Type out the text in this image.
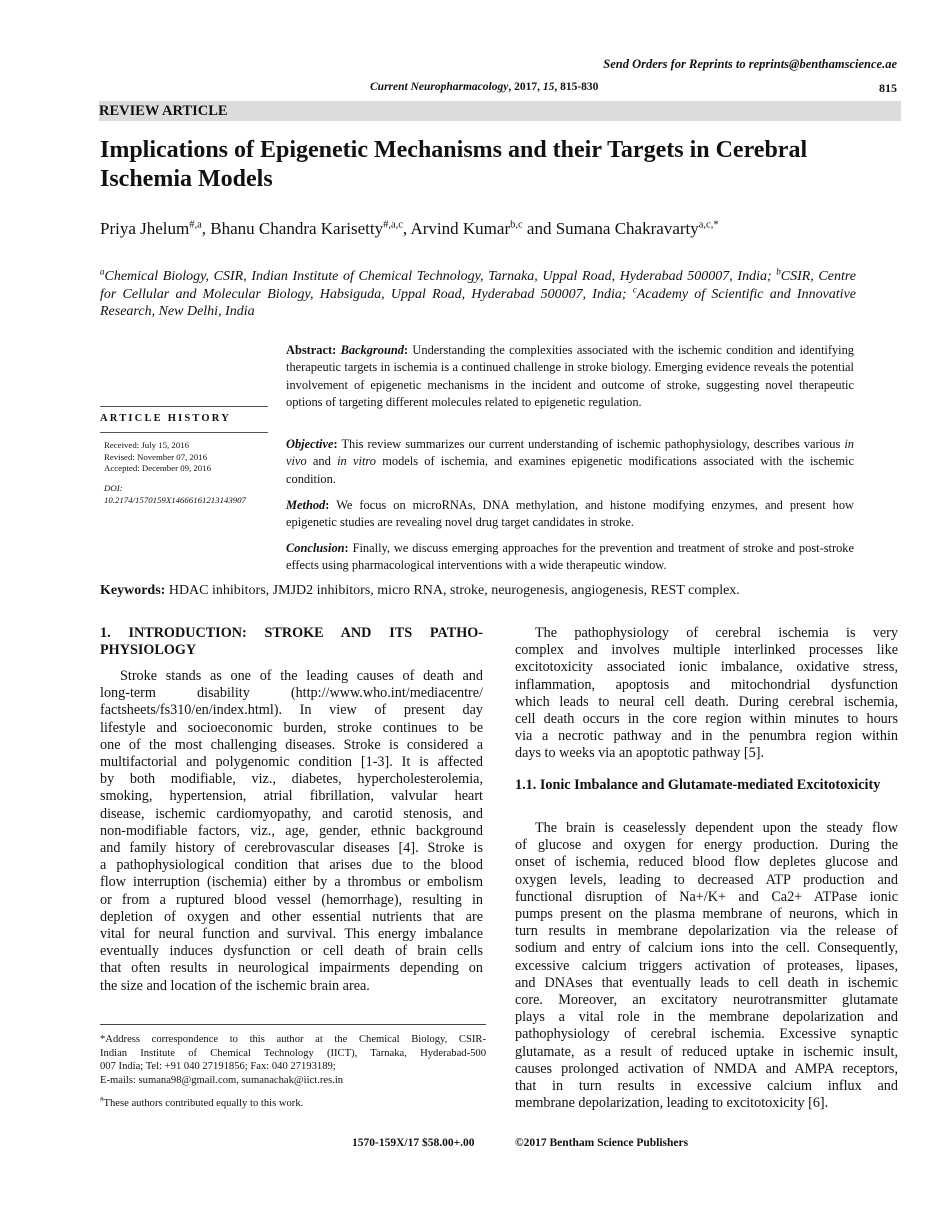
Send Orders for Reprints to reprints@benthamscience.ae
Current Neuropharmacology, 2017, 15, 815-830	815
REVIEW ARTICLE
Implications of Epigenetic Mechanisms and their Targets in Cerebral Ischemia Models
Priya Jhelum$^{\#,a}$, Bhanu Chandra Karisetty$^{\#,a,c}$, Arvind Kumar$^{b,c}$ and Sumana Chakravarty$^{a,c,*}$
$^a$Chemical Biology, CSIR, Indian Institute of Chemical Technology, Tarnaka, Uppal Road, Hyderabad 500007, India; $^b$CSIR, Centre for Cellular and Molecular Biology, Habsiguda, Uppal Road, Hyderabad 500007, India; $^c$Academy of Scientific and Innovative Research, New Delhi, India
ARTICLE HISTORY
Received: July 15, 2016
Revised: November 07, 2016
Accepted: December 09, 2016
DOI:
10.2174/1570159X14666161213143907
Abstract: Background: Understanding the complexities associated with the ischemic condition and identifying therapeutic targets in ischemia is a continued challenge in stroke biology. Emerging evidence reveals the potential involvement of epigenetic mechanisms in the incident and outcome of stroke, suggesting novel therapeutic options of targeting different molecules related to epigenetic regulation.
Objective: This review summarizes our current understanding of ischemic pathophysiology, describes various in vivo and in vitro models of ischemia, and examines epigenetic modifications associated with the ischemic condition.
Method: We focus on microRNAs, DNA methylation, and histone modifying enzymes, and present how epigenetic studies are revealing novel drug target candidates in stroke.
Conclusion: Finally, we discuss emerging approaches for the prevention and treatment of stroke and post-stroke effects using pharmacological interventions with a wide therapeutic window.
Keywords: HDAC inhibitors, JMJD2 inhibitors, micro RNA, stroke, neurogenesis, angiogenesis, REST complex.
1. INTRODUCTION: STROKE AND ITS PATHO-PHYSIOLOGY
Stroke stands as one of the leading causes of death and
long-term disability (http://www.who.int/mediacentre/
factsheets/fs310/en/index.html). In view of present day
lifestyle and socioeconomic burden, stroke continues to be
one of the most challenging diseases. Stroke is considered a
multifactorial and polygenomic condition [1-3]. It is affected
by both modifiable, viz., diabetes, hypercholesterolemia,
smoking, hypertension, atrial fibrillation, valvular heart
disease, ischemic cardiomyopathy, and carotid stenosis, and
non-modifiable factors, viz., age, gender, ethnic background
and family history of cerebrovascular diseases [4]. Stroke is
a pathophysiological condition that arises due to the blood
flow interruption (ischemia) either by a thrombus or embolism
or from a ruptured blood vessel (hemorrhage), resulting in
depletion of oxygen and other essential nutrients that are
vital for neural function and survival. This energy imbalance
eventually induces dysfunction or cell death of brain cells
that often results in neurological impairments depending on
the size and location of the ischemic brain area.
*Address correspondence to this author at the Chemical Biology, CSIR-
Indian Institute of Chemical Technology (IICT), Tarnaka, Hyderabad-500
007 India; Tel: +91 040 27191856; Fax: 040 27193189;
E-mails: sumana98@gmail.com, sumanachak@iict.res.in
#These authors contributed equally to this work.
The pathophysiology of cerebral ischemia is very
complex and involves multiple interlinked processes like
excitotoxicity associated ionic imbalance, oxidative stress,
inflammation, apoptosis and mitochondrial dysfunction
which leads to neural cell death. During cerebral ischemia,
cell death occurs in the core region within minutes to hours
via a necrotic pathway and in the penumbra region within
days to weeks via an apoptotic pathway [5].
1.1. Ionic Imbalance and Glutamate-mediated Excitotoxicity
The brain is ceaselessly dependent upon the steady flow
of glucose and oxygen for energy production. During the
onset of ischemia, reduced blood flow depletes glucose and
oxygen levels, leading to decreased ATP production and
functional disruption of Na+/K+ and Ca2+ ATPase ionic
pumps present on the plasma membrane of neurons, which in
turn results in membrane depolarization via the release of
sodium and entry of calcium ions into the cell. Consequently,
excessive calcium triggers activation of proteases, lipases,
and DNAses that eventually leads to cell death in ischemic
core. Moreover, an excitatory neurotransmitter glutamate
plays a vital role in the membrane depolarization and
pathophysiology of cerebral ischemia. Excessive synaptic
glutamate, as a result of reduced uptake in ischemic insult,
causes prolonged activation of NMDA and AMPA receptors,
that in turn results in excessive calcium influx and
membrane depolarization, leading to excitotoxicity [6].
1570-159X/17 $58.00+.00	©2017 Bentham Science Publishers
